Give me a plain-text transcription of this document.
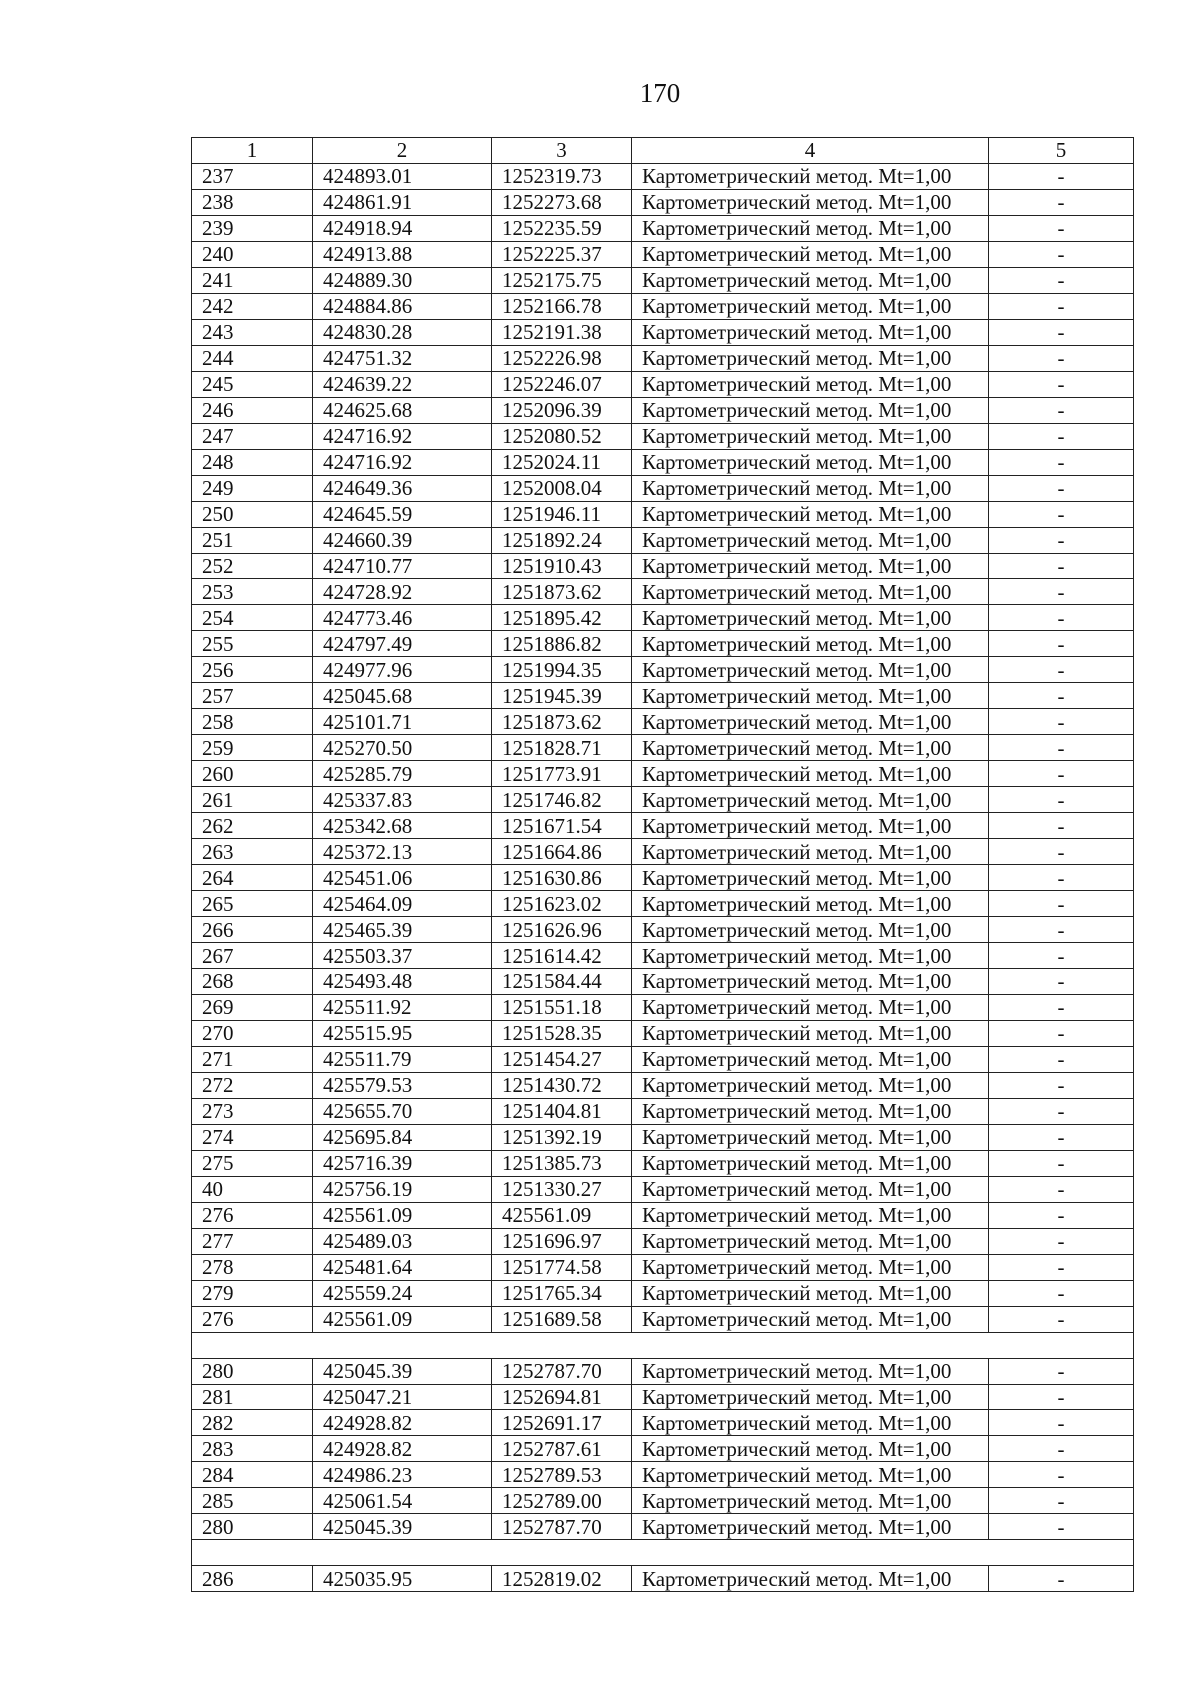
170
1	2	3	4	5
237	424893.01	1252319.73	Картометрический метод. Mt=1,00	-
238	424861.91	1252273.68	Картометрический метод. Mt=1,00	-
239	424918.94	1252235.59	Картометрический метод. Mt=1,00	-
240	424913.88	1252225.37	Картометрический метод. Mt=1,00	-
241	424889.30	1252175.75	Картометрический метод. Mt=1,00	-
242	424884.86	1252166.78	Картометрический метод. Mt=1,00	-
243	424830.28	1252191.38	Картометрический метод. Mt=1,00	-
244	424751.32	1252226.98	Картометрический метод. Mt=1,00	-
245	424639.22	1252246.07	Картометрический метод. Mt=1,00	-
246	424625.68	1252096.39	Картометрический метод. Mt=1,00	-
247	424716.92	1252080.52	Картометрический метод. Mt=1,00	-
248	424716.92	1252024.11	Картометрический метод. Mt=1,00	-
249	424649.36	1252008.04	Картометрический метод. Mt=1,00	-
250	424645.59	1251946.11	Картометрический метод. Mt=1,00	-
251	424660.39	1251892.24	Картометрический метод. Mt=1,00	-
252	424710.77	1251910.43	Картометрический метод. Mt=1,00	-
253	424728.92	1251873.62	Картометрический метод. Mt=1,00	-
254	424773.46	1251895.42	Картометрический метод. Mt=1,00	-
255	424797.49	1251886.82	Картометрический метод. Mt=1,00	-
256	424977.96	1251994.35	Картометрический метод. Mt=1,00	-
257	425045.68	1251945.39	Картометрический метод. Mt=1,00	-
258	425101.71	1251873.62	Картометрический метод. Mt=1,00	-
259	425270.50	1251828.71	Картометрический метод. Mt=1,00	-
260	425285.79	1251773.91	Картометрический метод. Mt=1,00	-
261	425337.83	1251746.82	Картометрический метод. Mt=1,00	-
262	425342.68	1251671.54	Картометрический метод. Mt=1,00	-
263	425372.13	1251664.86	Картометрический метод. Mt=1,00	-
264	425451.06	1251630.86	Картометрический метод. Mt=1,00	-
265	425464.09	1251623.02	Картометрический метод. Mt=1,00	-
266	425465.39	1251626.96	Картометрический метод. Mt=1,00	-
267	425503.37	1251614.42	Картометрический метод. Mt=1,00	-
268	425493.48	1251584.44	Картометрический метод. Mt=1,00	-
269	425511.92	1251551.18	Картометрический метод. Mt=1,00	-
270	425515.95	1251528.35	Картометрический метод. Mt=1,00	-
271	425511.79	1251454.27	Картометрический метод. Mt=1,00	-
272	425579.53	1251430.72	Картометрический метод. Mt=1,00	-
273	425655.70	1251404.81	Картометрический метод. Mt=1,00	-
274	425695.84	1251392.19	Картометрический метод. Mt=1,00	-
275	425716.39	1251385.73	Картометрический метод. Mt=1,00	-
40	425756.19	1251330.27	Картометрический метод. Mt=1,00	-
276	425561.09	425561.09	Картометрический метод. Mt=1,00	-
277	425489.03	1251696.97	Картометрический метод. Mt=1,00	-
278	425481.64	1251774.58	Картометрический метод. Mt=1,00	-
279	425559.24	1251765.34	Картометрический метод. Mt=1,00	-
276	425561.09	1251689.58	Картометрический метод. Mt=1,00	-

280	425045.39	1252787.70	Картометрический метод. Mt=1,00	-
281	425047.21	1252694.81	Картометрический метод. Mt=1,00	-
282	424928.82	1252691.17	Картометрический метод. Mt=1,00	-
283	424928.82	1252787.61	Картометрический метод. Mt=1,00	-
284	424986.23	1252789.53	Картометрический метод. Mt=1,00	-
285	425061.54	1252789.00	Картометрический метод. Mt=1,00	-
280	425045.39	1252787.70	Картометрический метод. Mt=1,00	-

286	425035.95	1252819.02	Картометрический метод. Mt=1,00	-
